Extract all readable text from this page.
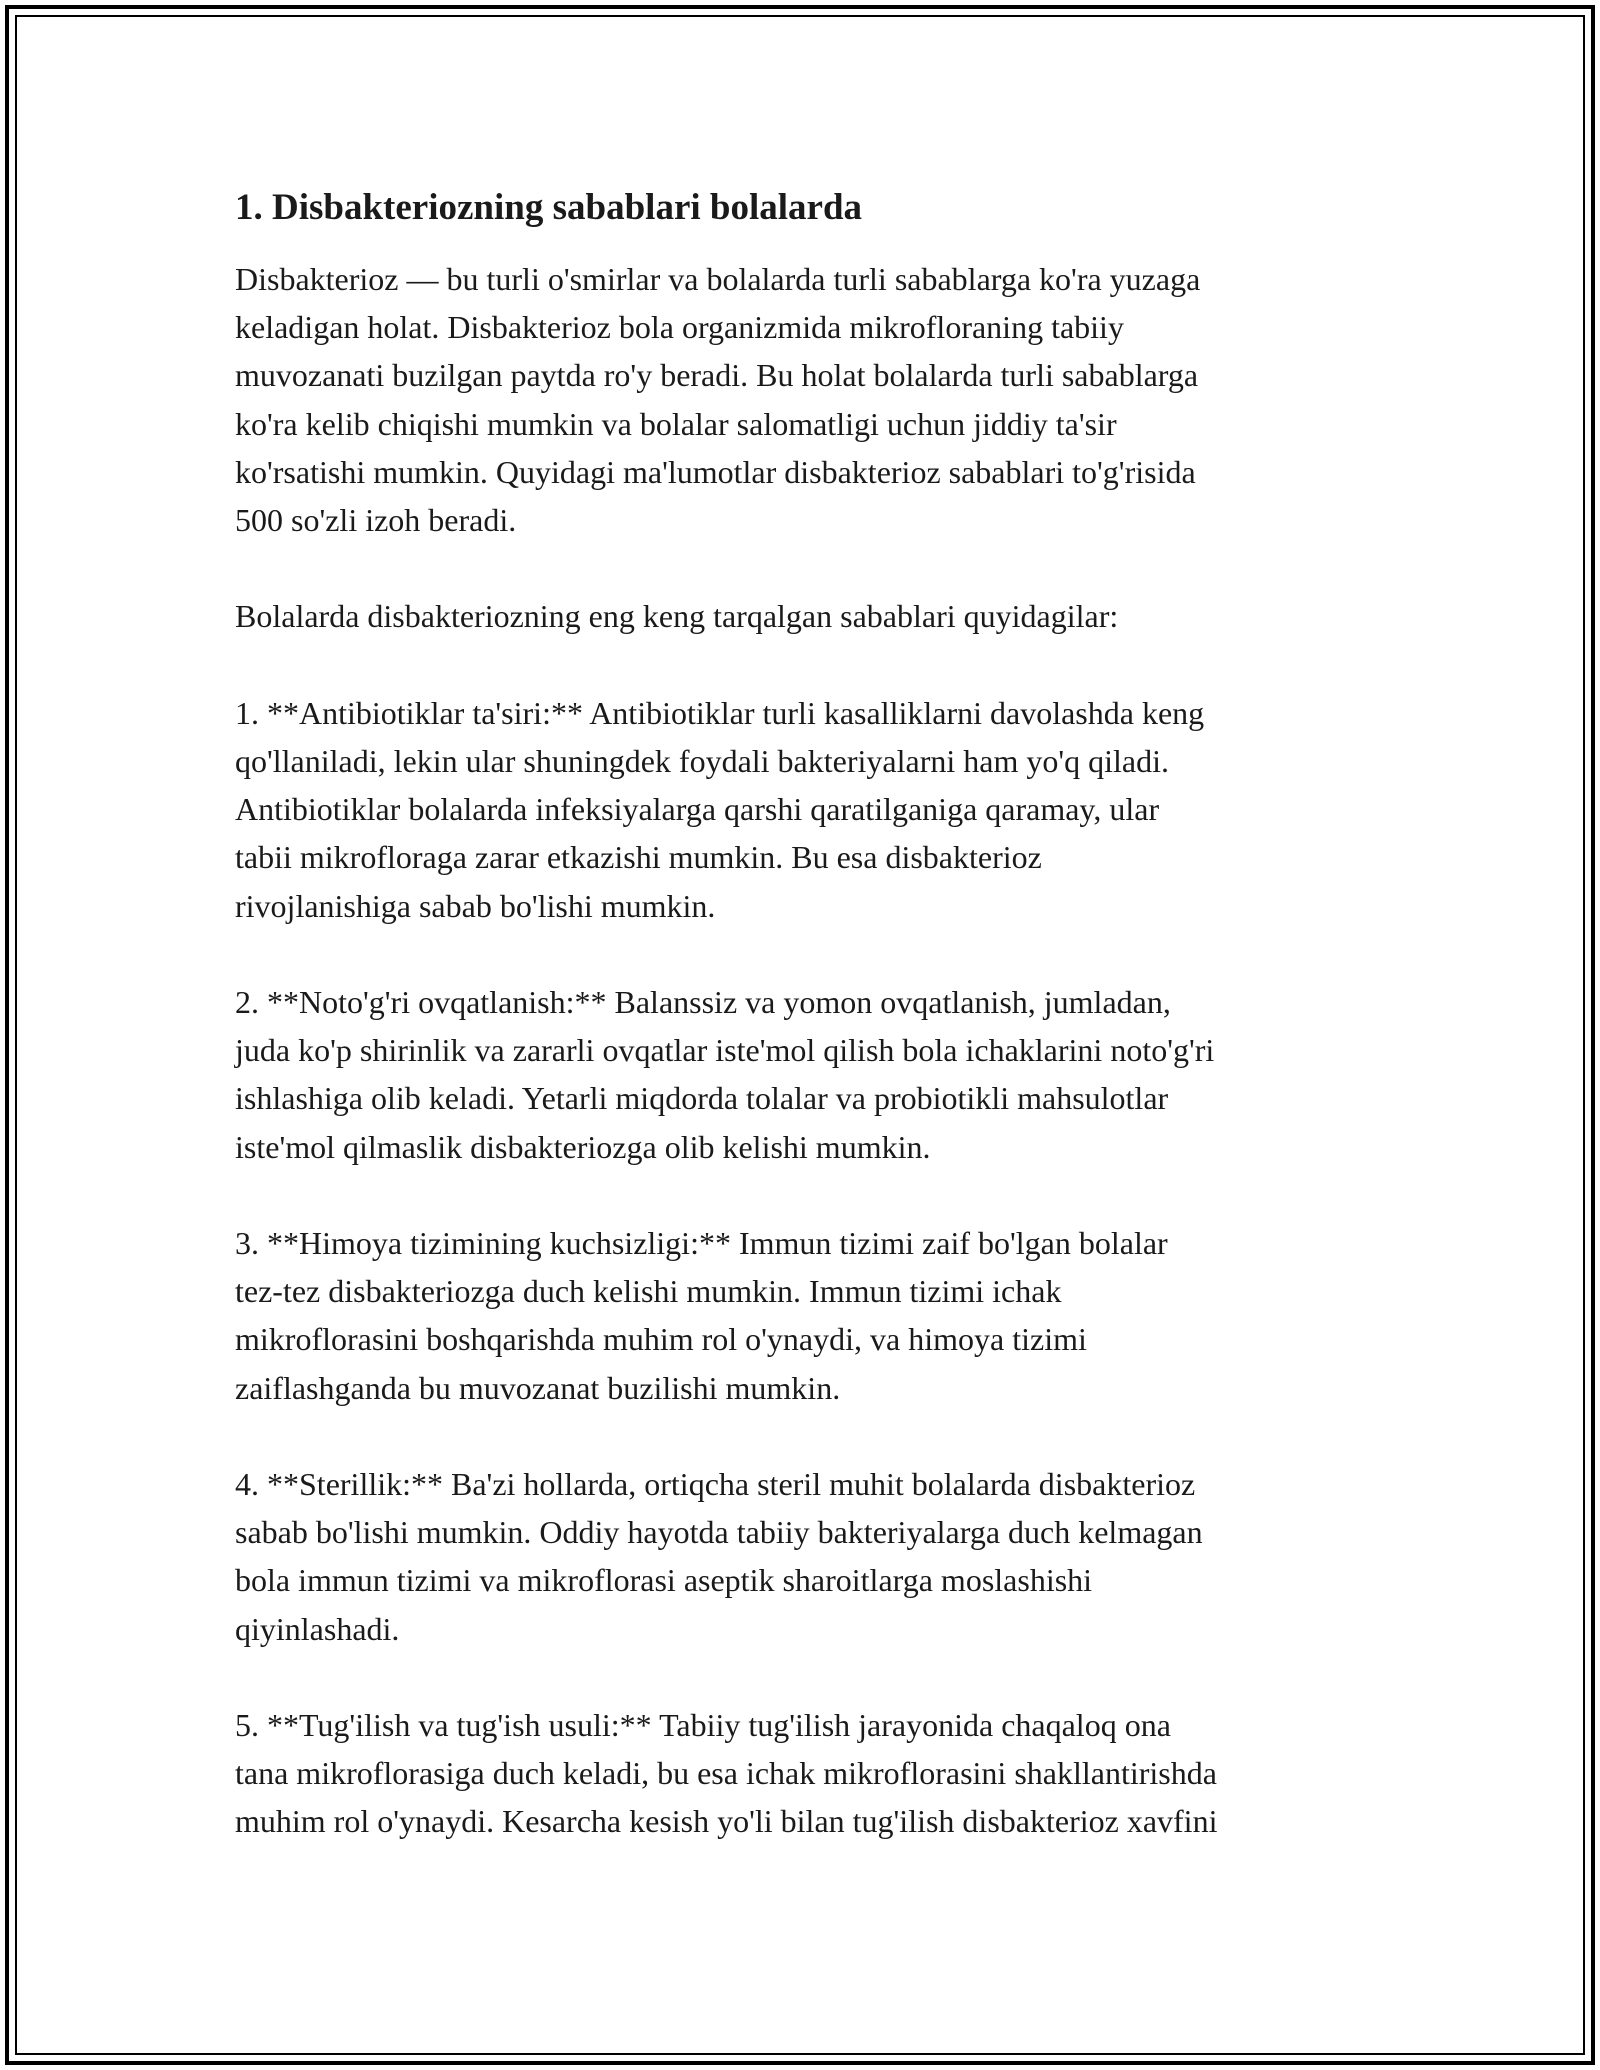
1. Disbakteriozning sabablari bolalarda

Disbakterioz — bu turli o'smirlar va bolalarda turli sabablarga ko'ra yuzaga
keladigan holat. Disbakterioz bola organizmida mikrofloraning tabiiy
muvozanati buzilgan paytda ro'y beradi. Bu holat bolalarda turli sabablarga
ko'ra kelib chiqishi mumkin va bolalar salomatligi uchun jiddiy ta'sir
ko'rsatishi mumkin. Quyidagi ma'lumotlar disbakterioz sabablari to'g'risida
500 so'zli izoh beradi.

Bolalarda disbakteriozning eng keng tarqalgan sabablari quyidagilar:

1. **Antibiotiklar ta'siri:** Antibiotiklar turli kasalliklarni davolashda keng
qo'llaniladi, lekin ular shuningdek foydali bakteriyalarni ham yo'q qiladi.
Antibiotiklar bolalarda infeksiyalarga qarshi qaratilganiga qaramay, ular
tabii mikrofloraga zarar etkazishi mumkin. Bu esa disbakterioz
rivojlanishiga sabab bo'lishi mumkin.

2. **Noto'g'ri ovqatlanish:** Balanssiz va yomon ovqatlanish, jumladan,
juda ko'p shirinlik va zararli ovqatlar iste'mol qilish bola ichaklarini noto'g'ri
ishlashiga olib keladi. Yetarli miqdorda tolalar va probiotikli mahsulotlar
iste'mol qilmaslik disbakteriozga olib kelishi mumkin.

3. **Himoya tizimining kuchsizligi:** Immun tizimi zaif bo'lgan bolalar
tez-tez disbakteriozga duch kelishi mumkin. Immun tizimi ichak
mikroflorasini boshqarishda muhim rol o'ynaydi, va himoya tizimi
zaiflashganda bu muvozanat buzilishi mumkin.

4. **Sterillik:** Ba'zi hollarda, ortiqcha steril muhit bolalarda disbakterioz
sabab bo'lishi mumkin. Oddiy hayotda tabiiy bakteriyalarga duch kelmagan
bola immun tizimi va mikroflorasi aseptik sharoitlarga moslashishi
qiyinlashadi.

5. **Tug'ilish va tug'ish usuli:** Tabiiy tug'ilish jarayonida chaqaloq ona
tana mikroflorasiga duch keladi, bu esa ichak mikroflorasini shakllantirishda
muhim rol o'ynaydi. Kesarcha kesish yo'li bilan tug'ilish disbakterioz xavfini
